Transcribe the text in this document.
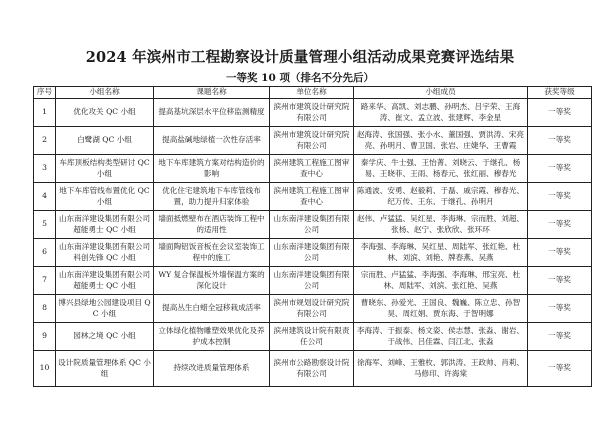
2024 年滨州市工程勘察设计质量管理小组活动成果竞赛评选结果
一等奖 10 项（排名不分先后）
序号	小组名称	课题名称	单位名称	小组成员	获奖等级
1	优化攻关 QC 小组	提高基坑深层水平位移监测精度	滨州市建筑设计研究院有限公司	路来华、高凯、刘志鹏、孙明杰、吕宇荣、王海涛、崔文、孟立波、张建辉、李金星	一等奖
2	白鹭湖 QC 小组	提高盐碱地绿植一次性存活率	滨州市建筑设计研究院有限公司	赵海涛、张国强、张小水、董国强、贾洪涛、宋亮亮、孙明月、曹卫国、张岩、庄婕华、王曹霞	一等奖
3	车库顶板结构类型研讨 QC 小组	地下车库建筑方案对结构造价的影响	滨州建筑工程施工图审查中心	秦学庆、牛士强、王怡菁、刘晓云、于继孔、杨易、王晓菲、王雨、杨春元、张红丽、穆春光	一等奖
4	地下车库管线布置优化 QC 小组	优化住宅建筑地下车库管线布置，助力提升归家体验	滨州建筑工程施工图审查中心	陈通波、安勇、赵毅莉、于磊、戚宗霞、穆春光、纪万传、王东、于继孔、孙明月	一等奖
5	山东南洋建设集团有限公司超能勇士 QC 小组	墙面抵燃壁布在酒店装饰工程中的适用性	山东南洋建设集团有限公司	赵伟、卢猛猛、吴红星、李海琳、宗而胜、刘超、张杨、赵宁、张欣欣、张环环	一等奖
6	山东南洋建设集团有限公司科创先锋 QC 小组	墙面陶铝饭音板在会议室装饰工程中的施工	山东南洋建设集团有限公司	李海强、李海琳、吴红星、周陆军、张红艳、杜林、刘滨、刘艳、牌春燕、吴燕	一等奖
7	山东南洋建设集团有限公司超能勇士 QC 小组	WY 复合保温板外墙保温方案的深化设计	山东南洋建设集团有限公司	宗而胜、卢猛猛、李海强、李海琳、邢宝亮、杜林、周陆军、刘滨、张红艳、吴燕	一等奖
8	博兴县绿地公园建设项目 QC 小组	提高丛生白蜡全冠移栽成活率	滨州市规划设计研究院有限公司	曹晓东、孙爱光、王国良、魏巍、陈立忠、孙智昊、周红娟、贾东海、于智明娜	一等奖
9	园林之境 QC 小组	立体绿化植物雕塑效果优化及养护成本控制	滨州建筑设计院有限责任公司	李海涛、于振泰、杨文姿、侯志慧、张淼、谢岩、于战伟、吕佳霖、闫江北、张淼	一等奖
10	设计院质量管理体系 QC 小组	持续改进质量管理体系	滨州市公路勘察设计院有限公司	徐海军、刘峰、王雅枚、郭洪涛、王政帅、肖莉、马修印、许海棠	一等奖
